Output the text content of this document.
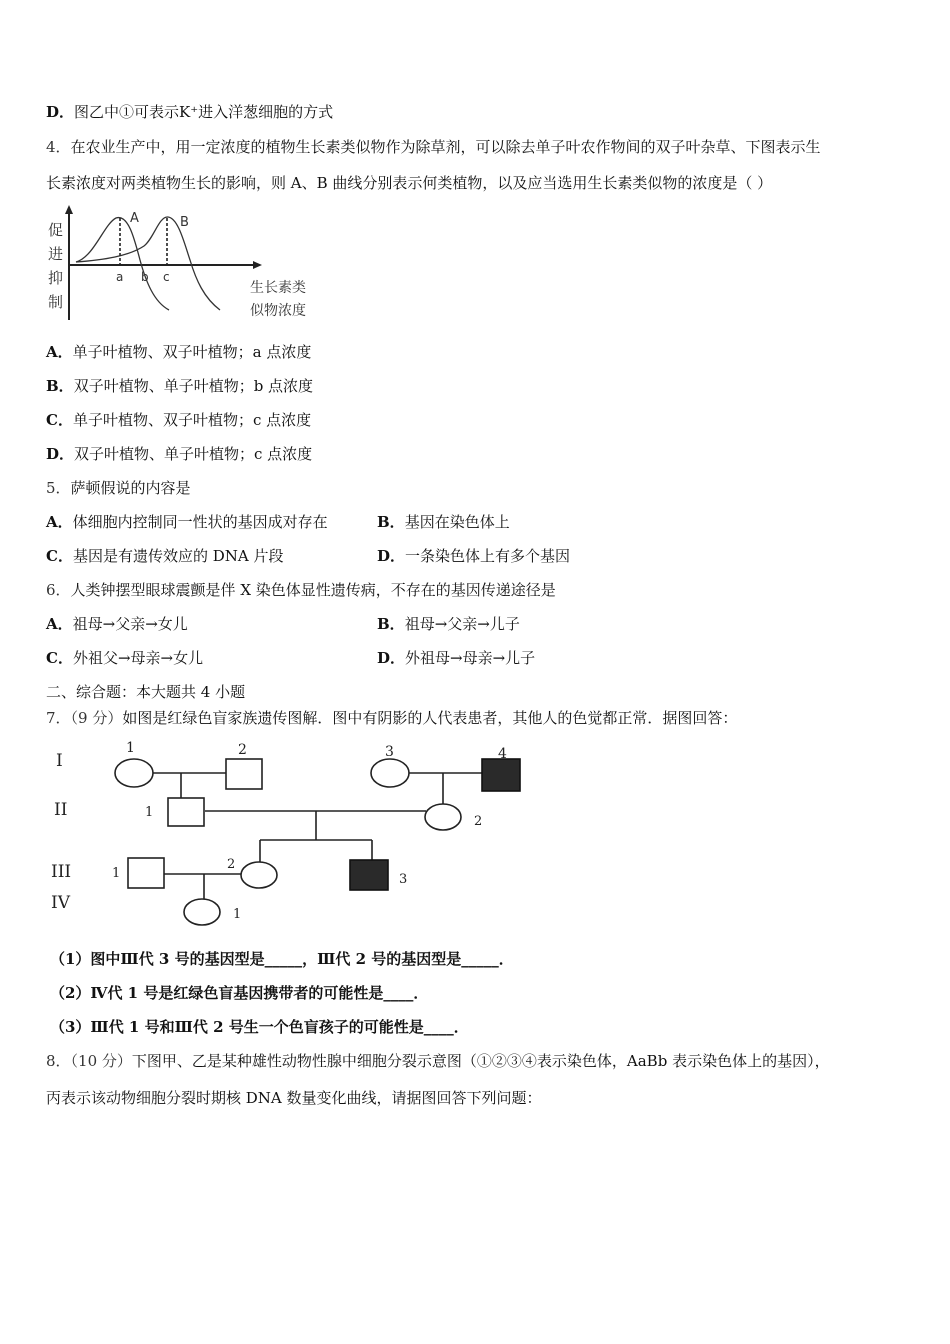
D．图乙中①可表示K⁺进入洋葱细胞的方式
4．在农业生产中，用一定浓度的植物生长素类似物作为除草剂，可以除去单子叶农作物间的双子叶杂草、下图表示生
长素浓度对两类植物生长的影响，则 A、B 曲线分别表示何类植物，以及应当选用生长素类似物的浓度是（ ）
促
进
抑
制
A	B
a b c
生长素类
似物浓度
A．单子叶植物、双子叶植物；a 点浓度
B．双子叶植物、单子叶植物；b 点浓度
C．单子叶植物、双子叶植物；c 点浓度
D．双子叶植物、单子叶植物；c 点浓度
5．萨顿假说的内容是
A．体细胞内控制同一性状的基因成对存在	B．基因在染色体上
C．基因是有遗传效应的 DNA 片段	D．一条染色体上有多个基因
6．人类钟摆型眼球震颤是伴 X 染色体显性遗传病，不存在的基因传递途径是
A．祖母→父亲→女儿	B．祖母→父亲→儿子
C．外祖父→母亲→女儿	D．外祖母→母亲→儿子
二、综合题：本大题共 4 小题
7．（9 分）如图是红绿色盲家族遗传图解．图中有阴影的人代表患者，其他人的色觉都正常．据图回答：
I
II
III
IV
1	2	3	4
1
2
1
2
3
1
（1）图中Ⅲ代 3 号的基因型是_____，Ⅲ代 2 号的基因型是_____．
（2）Ⅳ代 1 号是红绿色盲基因携带者的可能性是____．
（3）Ⅲ代 1 号和Ⅲ代 2 号生一个色盲孩子的可能性是____．
8．（10 分）下图甲、乙是某种雄性动物性腺中细胞分裂示意图（①②③④表示染色体，AaBb 表示染色体上的基因），
丙表示该动物细胞分裂时期核 DNA 数量变化曲线，请据图回答下列问题：
